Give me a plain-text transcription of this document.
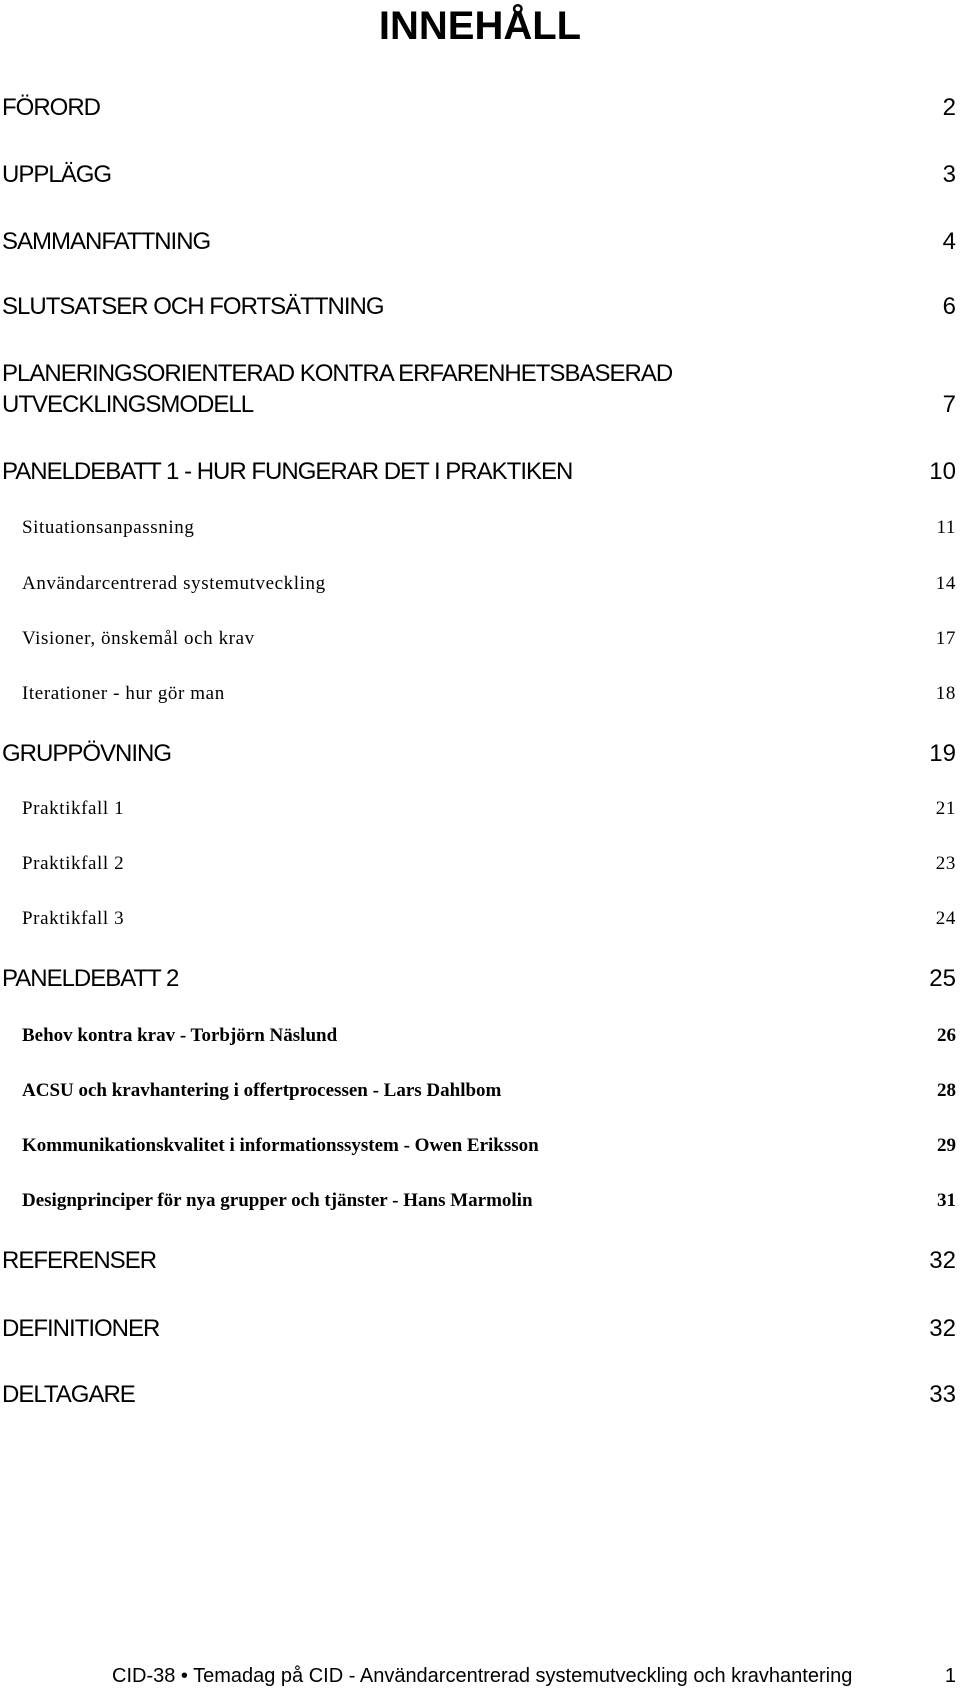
INNEHÅLL
FÖRORD	2
UPPLÄGG	3
SAMMANFATTNING	4
SLUTSATSER OCH FORTSÄTTNING	6
PLANERINGSORIENTERAD KONTRA ERFARENHETSBASERAD
UTVECKLINGSMODELL	7
PANELDEBATT 1 - HUR FUNGERAR DET I PRAKTIKEN	10
Situationsanpassning	11
Användarcentrerad systemutveckling	14
Visioner, önskemål och krav	17
Iterationer - hur gör man	18
GRUPPÖVNING	19
Praktikfall 1	21
Praktikfall 2	23
Praktikfall 3	24
PANELDEBATT 2	25
Behov kontra krav - Torbjörn Näslund	26
ACSU och kravhantering i offertprocessen - Lars Dahlbom	28
Kommunikationskvalitet i informationssystem - Owen Eriksson	29
Designprinciper för nya grupper och tjänster - Hans Marmolin	31
REFERENSER	32
DEFINITIONER	32
DELTAGARE	33
CID-38 • Temadag på CID - Användarcentrerad systemutveckling och kravhantering	1
